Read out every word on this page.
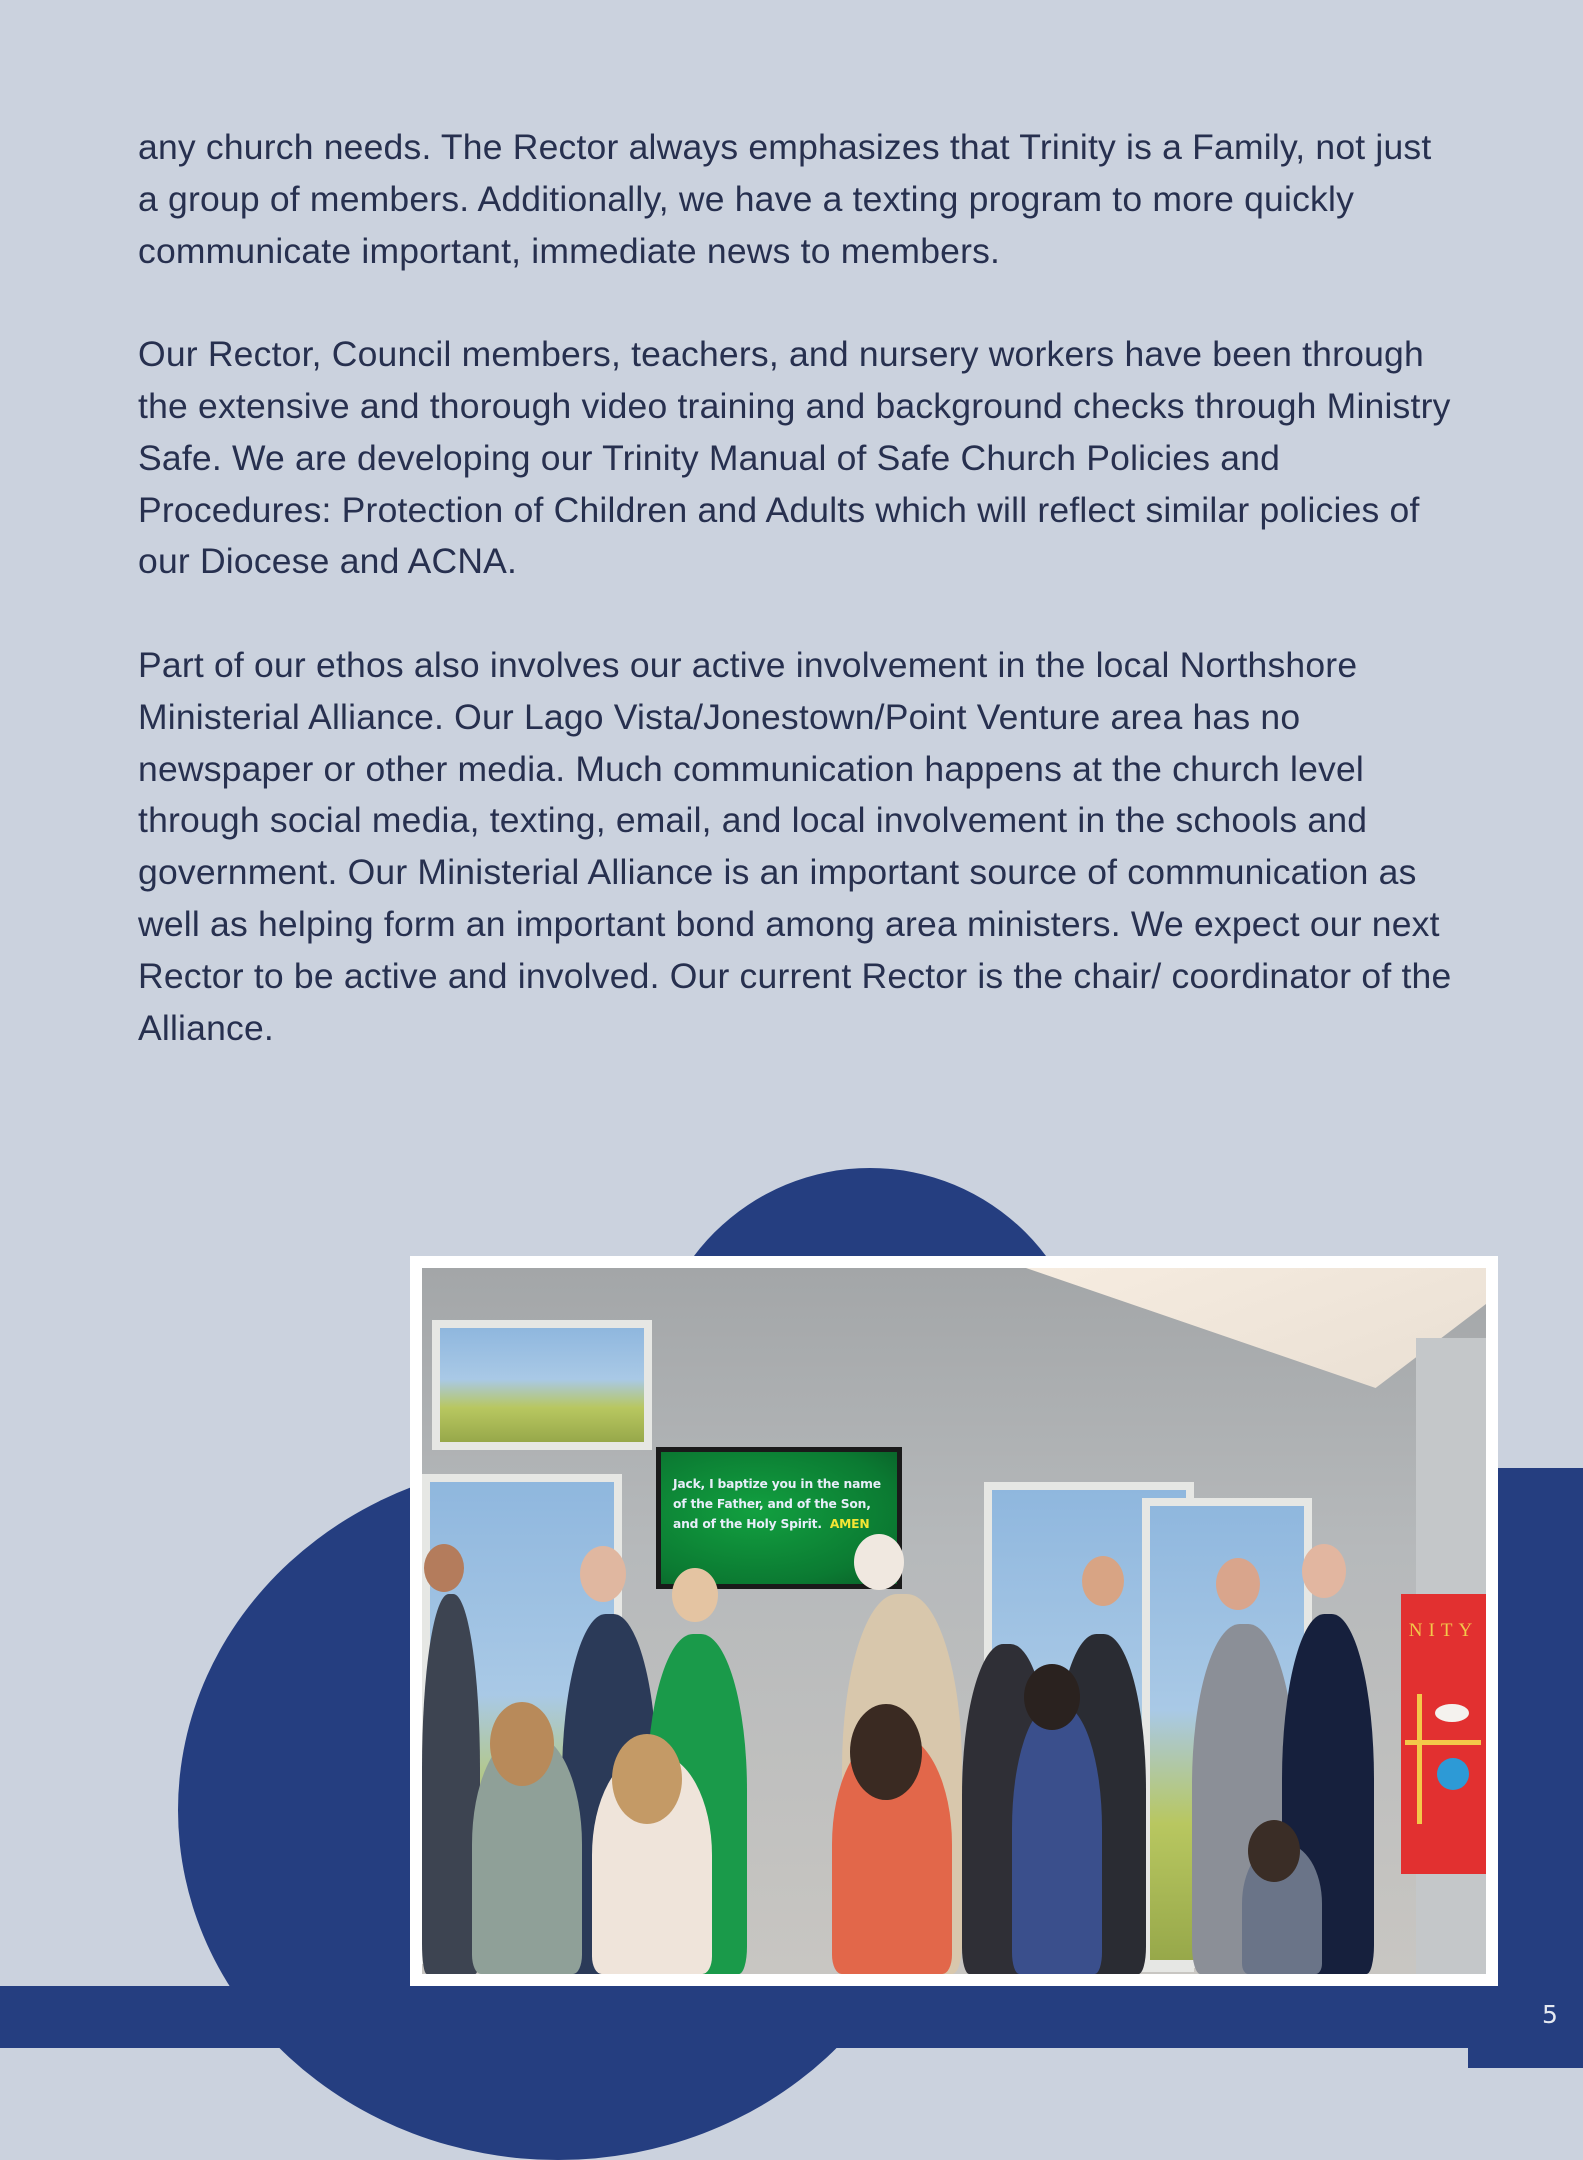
any church needs. The Rector always emphasizes that Trinity is a Family, not just a group of members. Additionally, we have a texting program to more quickly communicate important, immediate news to members.

Our Rector, Council members, teachers, and nursery workers have been through the extensive and thorough video training and background checks through Ministry Safe. We are developing our Trinity Manual of Safe Church Policies and Procedures: Protection of Children and Adults which will reflect similar policies of our Diocese and ACNA.

Part of our ethos also involves our active involvement in the local Northshore Ministerial Alliance. Our Lago Vista/Jonestown/Point Venture area has no newspaper or other media. Much communication happens at the church level through social media, texting, email, and local involvement in the schools and government. Our Ministerial Alliance is an important source of communication as well as helping form an important bond among area ministers. We expect our next Rector to be active and involved. Our current Rector is the chair/ coordinator of the Alliance.

Jack, I baptize you in the name of the Father, and of the Son, and of the Holy Spirit. AMEN
NITY
5
